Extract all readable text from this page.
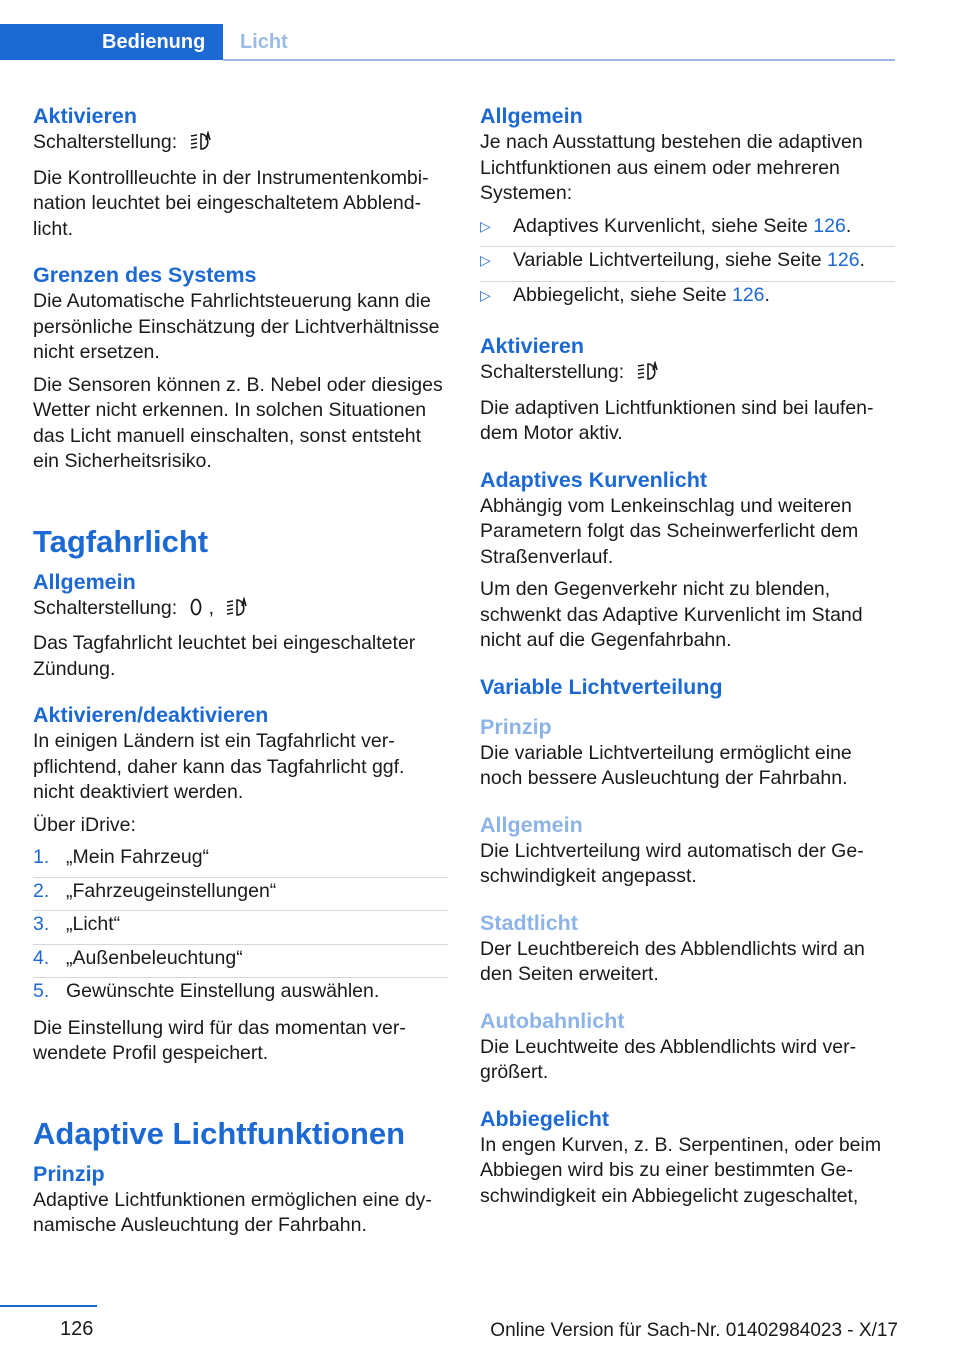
Bedienung	Licht
Aktivieren

Schalterstellung:

Die Kontrollleuchte in der Instrumentenkombination leuchtet bei eingeschaltetem Abblendlicht.

Grenzen des Systems

Die Automatische Fahrlichtsteuerung kann die persönliche Einschätzung der Lichtverhältnisse nicht ersetzen.

Die Sensoren können z. B. Nebel oder diesiges Wetter nicht erkennen. In solchen Situationen das Licht manuell einschalten, sonst entsteht ein Sicherheitsrisiko.

Tagfahrlicht
Allgemein

Schalterstellung: ,

Das Tagfahrlicht leuchtet bei eingeschalteter Zündung.

Aktivieren/deaktivieren

In einigen Ländern ist ein Tagfahrlicht verpflichtend, daher kann das Tagfahrlicht ggf. nicht deaktiviert werden.

Über iDrive:

1. „Mein Fahrzeug“
2. „Fahrzeugeinstellungen“
3. „Licht“
4. „Außenbeleuchtung“
5. Gewünschte Einstellung auswählen.

Die Einstellung wird für das momentan verwendete Profil gespeichert.

Adaptive Lichtfunktionen
Prinzip

Adaptive Lichtfunktionen ermöglichen eine dynamische Ausleuchtung der Fahrbahn.

Allgemein

Je nach Ausstattung bestehen die adaptiven Lichtfunktionen aus einem oder mehreren Systemen:

▷ Adaptives Kurvenlicht, siehe Seite 126.
▷ Variable Lichtverteilung, siehe Seite 126.
▷ Abbiegelicht, siehe Seite 126.
Aktivieren

Schalterstellung:

Die adaptiven Lichtfunktionen sind bei laufendem Motor aktiv.

Adaptives Kurvenlicht

Abhängig vom Lenkeinschlag und weiteren Parametern folgt das Scheinwerferlicht dem Straßenverlauf.

Um den Gegenverkehr nicht zu blenden, schwenkt das Adaptive Kurvenlicht im Stand nicht auf die Gegenfahrbahn.

Variable Lichtverteilung
Prinzip

Die variable Lichtverteilung ermöglicht eine noch bessere Ausleuchtung der Fahrbahn.

Allgemein

Die Lichtverteilung wird automatisch der Geschwindigkeit angepasst.

Stadtlicht

Der Leuchtbereich des Abblendlichts wird an den Seiten erweitert.

Autobahnlicht

Die Leuchtweite des Abblendlichts wird vergrößert.

Abbiegelicht

In engen Kurven, z. B. Serpentinen, oder beim Abbiegen wird bis zu einer bestimmten Geschwindigkeit ein Abbiegelicht zugeschaltet,

126	Online Version für Sach-Nr. 01402984023 - X/17
